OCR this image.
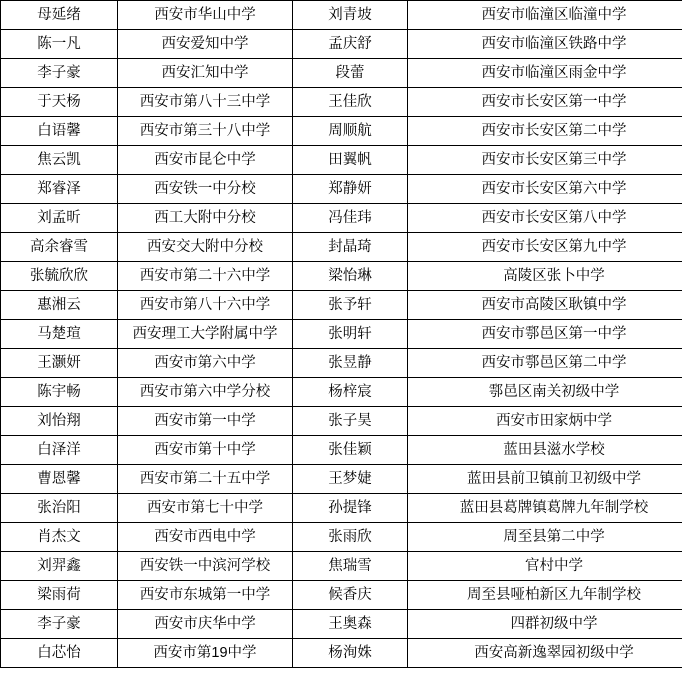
母延绪	西安市华山中学	刘青坡	西安市临潼区临潼中学
陈一凡	西安爱知中学	孟庆舒	西安市临潼区铁路中学
李子豪	西安汇知中学	段蕾	西安市临潼区雨金中学
于天杨	西安市第八十三中学	王佳欣	西安市长安区第一中学
白语馨	西安市第三十八中学	周顺航	西安市长安区第二中学
焦云凯	西安市昆仑中学	田翼帆	西安市长安区第三中学
郑睿泽	西安铁一中分校	郑静妍	西安市长安区第六中学
刘孟昕	西工大附中分校	冯佳玮	西安市长安区第八中学
高余睿雪	西安交大附中分校	封晶琦	西安市长安区第九中学
张毓欣欣	西安市第二十六中学	梁怡琳	高陵区张卜中学
惠湘云	西安市第八十六中学	张予轩	西安市高陵区耿镇中学
马楚瑄	西安理工大学附属中学	张明轩	西安市鄠邑区第一中学
王灏妍	西安市第六中学	张昱静	西安市鄠邑区第二中学
陈宇畅	西安市第六中学分校	杨梓宸	鄠邑区南关初级中学
刘怡翔	西安市第一中学	张子昊	西安市田家炳中学
白泽洋	西安市第十中学	张佳颖	蓝田县滋水学校
曹恩馨	西安市第二十五中学	王梦婕	蓝田县前卫镇前卫初级中学
张治阳	西安市第七十中学	孙提锋	蓝田县葛牌镇葛牌九年制学校
肖杰文	西安市西电中学	张雨欣	周至县第二中学
刘羿鑫	西安铁一中滨河学校	焦瑞雪	官村中学
梁雨荷	西安市东城第一中学	候香庆	周至县哑柏新区九年制学校
李子豪	西安市庆华中学	王奥森	四群初级中学
白芯怡	西安市第19中学	杨洵姝	西安高新逸翠园初级中学
